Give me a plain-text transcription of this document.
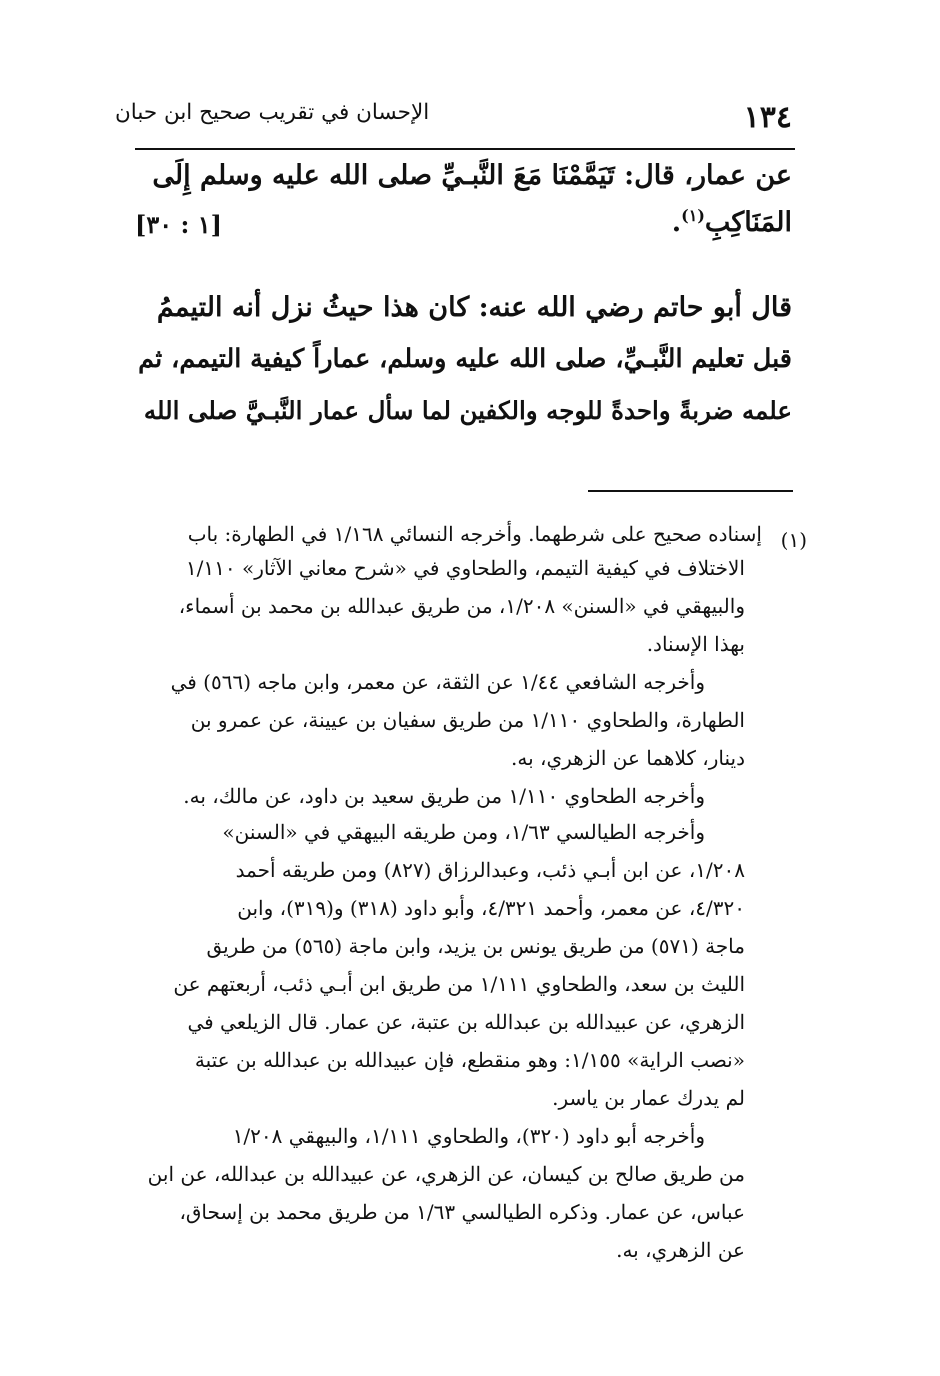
١٣٤
الإحسان في تقريب صحيح ابن حبان
عن عمار، قال: تَيَمَّمْنَا مَعَ النَّبـيِّ صلى الله عليه وسلم إِلَى
المَنَاكِبِ$^{(١)}$.
[١ : ٣٠]
قال أبو حاتم رضي الله عنه: كان هذا حيثُ نزل أنه التيممُ
قبل تعليم النَّبـيِّ، صلى الله عليه وسلم، عماراً كيفية التيمم، ثم
علمه ضربةً واحدةً للوجه والكفين لما سأل عمار النَّبـيَّ صلى الله
(١)
إسناده صحيح على شرطهما. وأخرجه النسائي ١/١٦٨ في الطهارة: باب
الاختلاف في كيفية التيمم، والطحاوي في «شرح معاني الآثار» ١/١١٠
والبيهقي في «السنن» ١/٢٠٨، من طريق عبدالله بن محمد بن أسماء،
بهذا الإسناد.
وأخرجه الشافعي ١/٤٤ عن الثقة، عن معمر، وابن ماجه (٥٦٦) في
الطهارة، والطحاوي ١/١١٠ من طريق سفيان بن عيينة، عن عمرو بن
دينار، كلاهما عن الزهري، به.
وأخرجه الطحاوي ١/١١٠ من طريق سعيد بن داود، عن مالك، به.
وأخرجه الطيالسي ١/٦٣، ومن طريقه البيهقي في «السنن»
١/٢٠٨، عن ابن أبـي ذئب، وعبدالرزاق (٨٢٧) ومن طريقه أحمد
٤/٣٢٠، عن معمر، وأحمد ٤/٣٢١، وأبو داود (٣١٨) و(٣١٩)، وابن
ماجة (٥٧١) من طريق يونس بن يزيد، وابن ماجة (٥٦٥) من طريق
الليث بن سعد، والطحاوي ١/١١١ من طريق ابن أبـي ذئب، أربعتهم عن
الزهري، عن عبيدالله بن عبدالله بن عتبة، عن عمار. قال الزيلعي في
«نصب الراية» ١/١٥٥: وهو منقطع، فإن عبيدالله بن عبدالله بن عتبة
لم يدرك عمار بن ياسر.
وأخرجه أبو داود (٣٢٠)، والطحاوي ١/١١١، والبيهقي ١/٢٠٨
من طريق صالح بن كيسان، عن الزهري، عن عبيدالله بن عبدالله، عن ابن
عباس، عن عمار. وذكره الطيالسي ١/٦٣ من طريق محمد بن إسحاق،
عن الزهري، به.
